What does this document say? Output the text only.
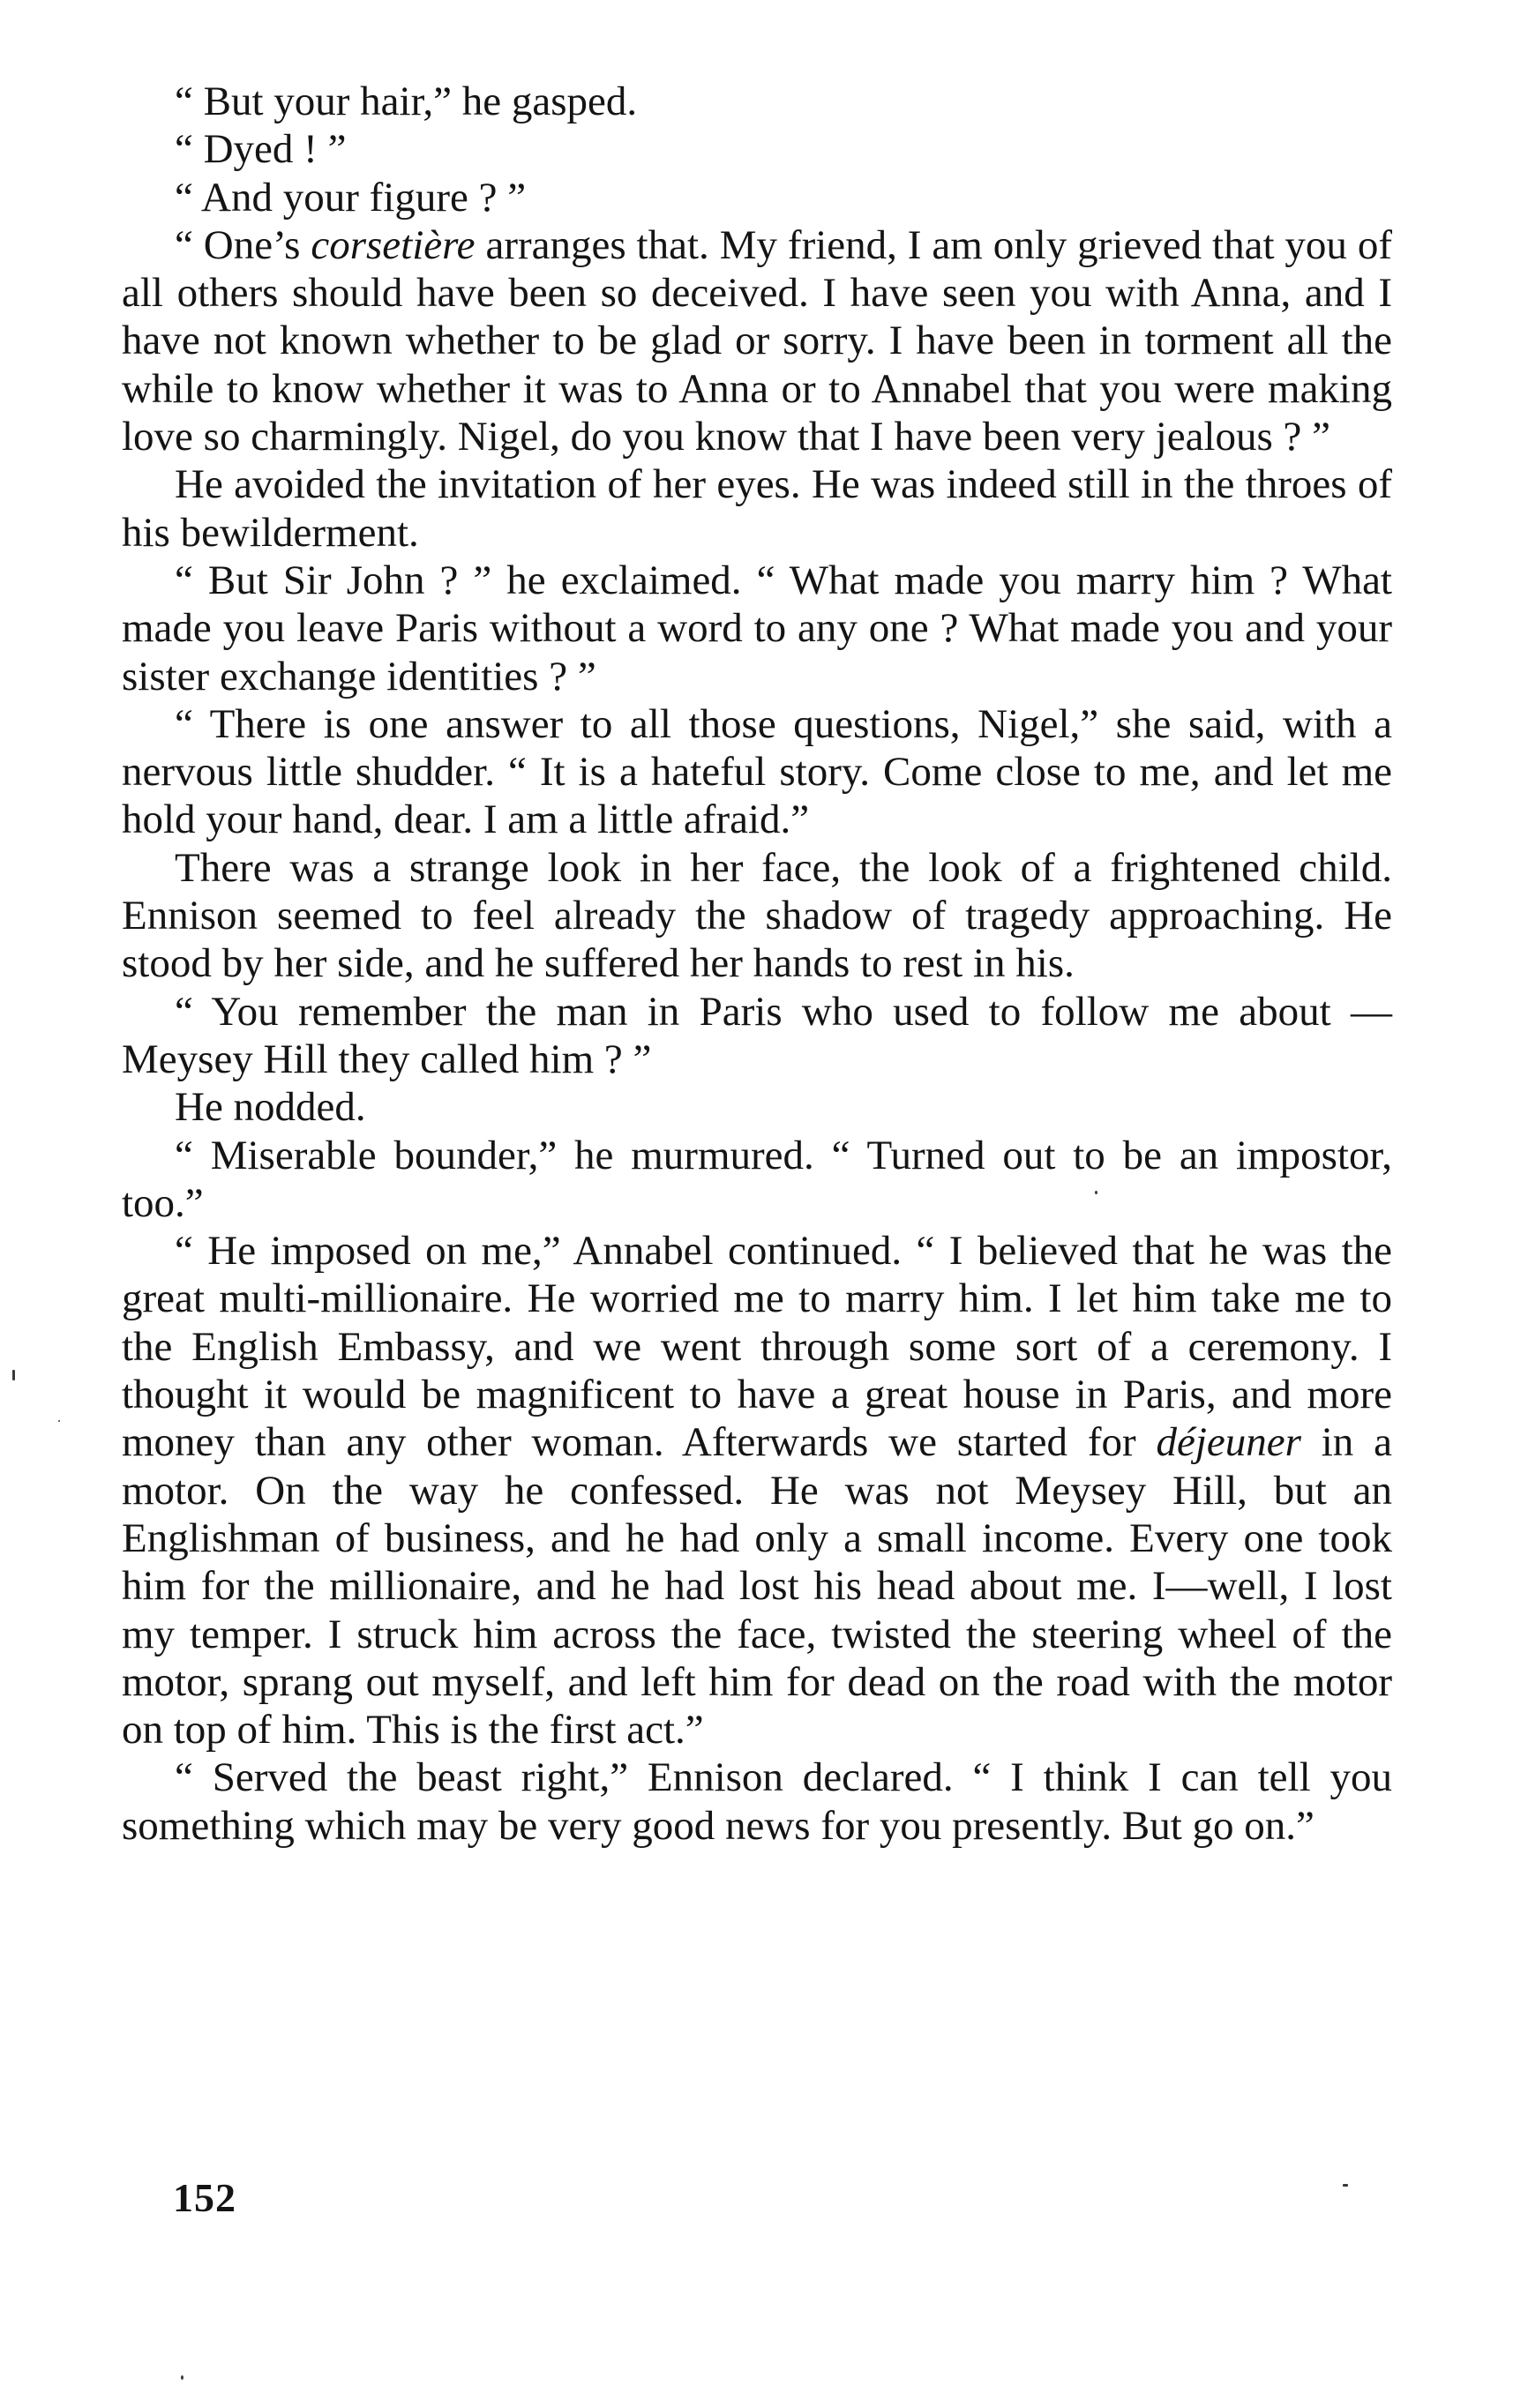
“ But your hair,” he gasped.

“ Dyed ! ”

“ And your figure ? ”

“ One’s corsetière arranges that. My friend, I am only grieved that you of all others should have been so deceived. I have seen you with Anna, and I have not known whether to be glad or sorry. I have been in torment all the while to know whether it was to Anna or to Annabel that you were making love so charmingly. Nigel, do you know that I have been very jealous ? ”

He avoided the invitation of her eyes. He was indeed still in the throes of his bewilderment.

“ But Sir John ? ” he exclaimed. “ What made you marry him ? What made you leave Paris without a word to any one ? What made you and your sister exchange identities ? ”

“ There is one answer to all those questions, Nigel,” she said, with a nervous little shudder. “ It is a hateful story. Come close to me, and let me hold your hand, dear. I am a little afraid.”

There was a strange look in her face, the look of a frightened child. Ennison seemed to feel already the shadow of tragedy approaching. He stood by her side, and he suffered her hands to rest in his.

“ You remember the man in Paris who used to follow me about —Meysey Hill they called him ? ”

He nodded.

“ Miserable bounder,” he murmured. “ Turned out to be an impostor, too.”

“ He imposed on me,” Annabel continued. “ I believed that he was the great multi-millionaire. He worried me to marry him. I let him take me to the English Embassy, and we went through some sort of a ceremony. I thought it would be magnificent to have a great house in Paris, and more money than any other woman. Afterwards we started for déjeuner in a motor. On the way he confessed. He was not Meysey Hill, but an Englishman of business, and he had only a small income. Every one took him for the millionaire, and he had lost his head about me. I—well, I lost my temper. I struck him across the face, twisted the steering wheel of the motor, sprang out myself, and left him for dead on the road with the motor on top of him. This is the first act.”

“ Served the beast right,” Ennison declared. “ I think I can tell you something which may be very good news for you presently. But go on.”

152
